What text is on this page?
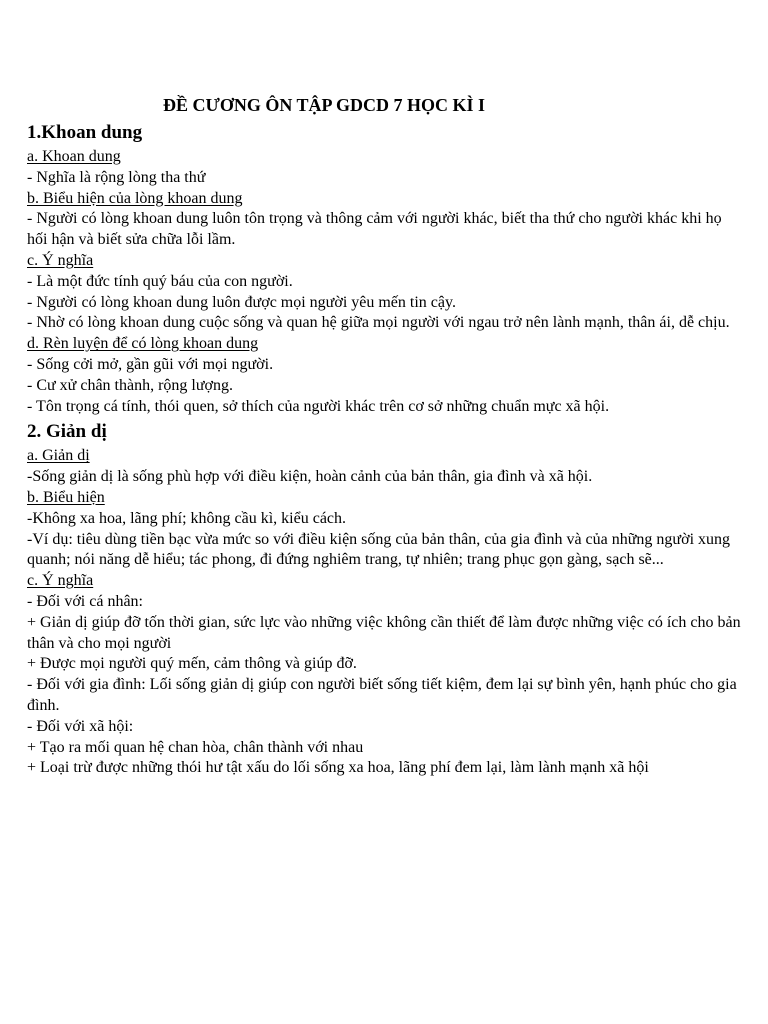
ĐỀ CƯƠNG ÔN TẬP GDCD 7 HỌC KÌ I
1.Khoan dung
a. Khoan dung
- Nghĩa là rộng lòng tha thứ
b. Biểu hiện của lòng khoan dung
- Người có lòng khoan dung luôn tôn trọng và thông cảm với người khác, biết tha thứ cho người khác khi họ hối hận và biết sửa chữa lỗi lầm.
c. Ý nghĩa
- Là một đức tính quý báu của con người.
- Người có lòng khoan dung luôn được mọi người yêu mến tin cậy.
- Nhờ có lòng khoan dung cuộc sống và quan hệ giữa mọi người với ngau trở nên lành mạnh, thân ái, dễ chịu.
d. Rèn luyện để có lòng khoan dung
- Sống cởi mở, gần gũi với mọi người.
- Cư xử chân thành, rộng lượng.
- Tôn trọng cá tính, thói quen, sở thích của người khác trên cơ sở những chuẩn mực xã hội.
2. Giản dị
a. Giản dị
-Sống giản dị là sống phù hợp với điều kiện, hoàn cảnh của bản thân, gia đình và xã hội.
b. Biểu hiện
-Không xa hoa, lãng phí; không cầu kì, kiểu cách.
-Ví dụ: tiêu dùng tiền bạc vừa mức so với điều kiện sống của bản thân, của gia đình và của những người xung quanh; nói năng dễ hiểu; tác phong, đi đứng nghiêm trang, tự nhiên; trang phục gọn gàng, sạch sẽ...
c. Ý nghĩa
- Đối với cá nhân:
+ Giản dị giúp đỡ tốn thời gian, sức lực vào những việc không cần thiết để làm được những việc có ích cho bản thân và cho mọi người
+ Được mọi người quý mến, cảm thông và giúp đỡ.
- Đối với gia đình: Lối sống giản dị giúp con người biết sống tiết kiệm, đem lại sự bình yên, hạnh phúc cho gia đình.
- Đối với xã hội:
+ Tạo ra mối quan hệ chan hòa, chân thành với nhau
+ Loại trừ được những thói hư tật xấu do lối sống xa hoa, lãng phí đem lại, làm lành mạnh xã hội
